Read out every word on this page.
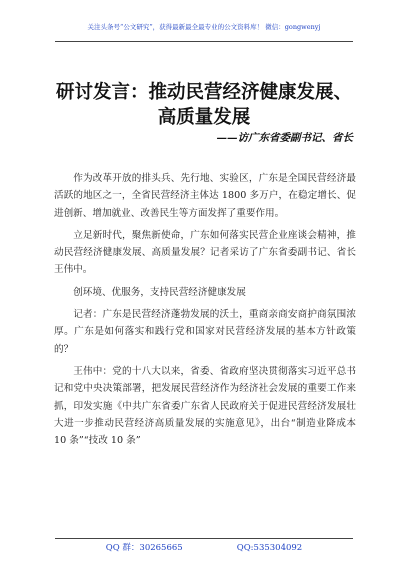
关注头条号“公文研究”，获得最新最全最专业的公文资料库！ 微信：gongwenyj
研讨发言：推动民营经济健康发展、高质量发展
——访广东省委副书记、省长

作为改革开放的排头兵、先行地、实验区，广东是全国民营经济最活跃的地区之一，全省民营经济主体达 1800 多万户，在稳定增长、促进创新、增加就业、改善民生等方面发挥了重要作用。

立足新时代，聚焦新使命，广东如何落实民营企业座谈会精神，推动民营经济健康发展、高质量发展？记者采访了广东省委副书记、省长王伟中。

创环境、优服务，支持民营经济健康发展

记者：广东是民营经济蓬勃发展的沃土，重商亲商安商护商氛围浓厚。广东是如何落实和践行党和国家对民营经济发展的基本方针政策的？

王伟中：党的十八大以来，省委、省政府坚决贯彻落实习近平总书记和党中央决策部署，把发展民营经济作为经济社会发展的重要工作来抓，印发实施《中共广东省委广东省人民政府关于促进民营经济发展壮大进一步推动民营经济高质量发展的实施意见》，出台“制造业降成本 10 条”“技改 10 条”

QQ 群：30265665	QQ:535304092
